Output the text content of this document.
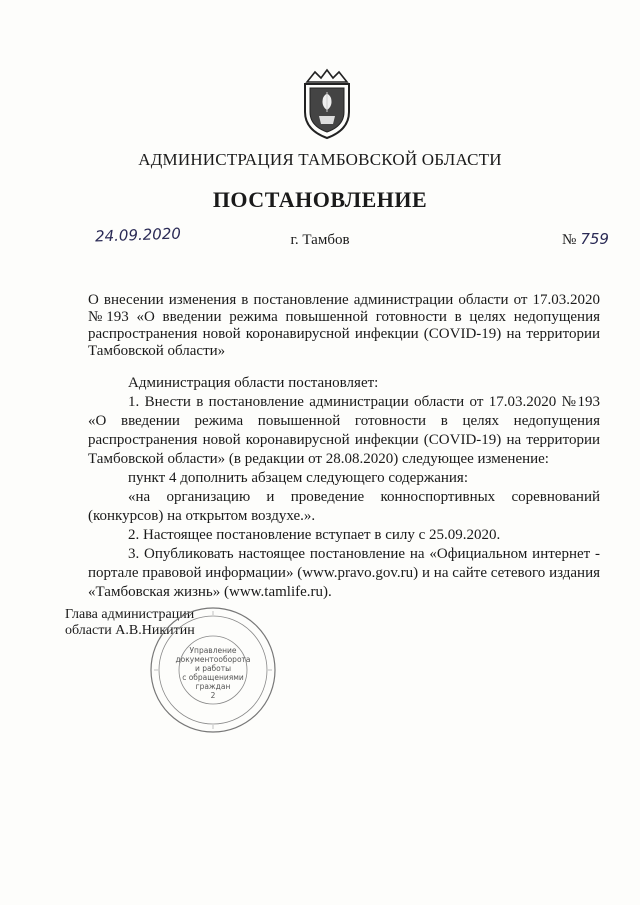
АДМИНИСТРАЦИЯ ТАМБОВСКОЙ ОБЛАСТИ
ПОСТАНОВЛЕНИЕ
24.09.2020	г. Тамбов	№ 759
О внесении изменения в постановление администрации области от 17.03.2020 №193 «О введении режима повышенной готовности в целях недопущения распространения новой коронавирусной инфекции (COVID-19) на территории Тамбовской области»

Администрация области постановляет:

1. Внести в постановление администрации области от 17.03.2020 №193 «О введении режима повышенной готовности в целях недопущения распространения новой коронавирусной инфекции (COVID-19) на территории Тамбовской области» (в редакции от 28.08.2020) следующее изменение:

пункт 4 дополнить абзацем следующего содержания:

«на организацию и проведение конноспортивных соревнований (конкурсов) на открытом воздухе.».

2. Настоящее постановление вступает в силу с 25.09.2020.

3. Опубликовать настоящее постановление на «Официальном интернет - портале правовой информации» (www.pravo.gov.ru) и на сайте сетевого издания «Тамбовская жизнь» (www.tamlife.ru).

Глава администрации
области А.В.Никитин
Управление
документооборота
и работы
с обращениями
граждан
2
